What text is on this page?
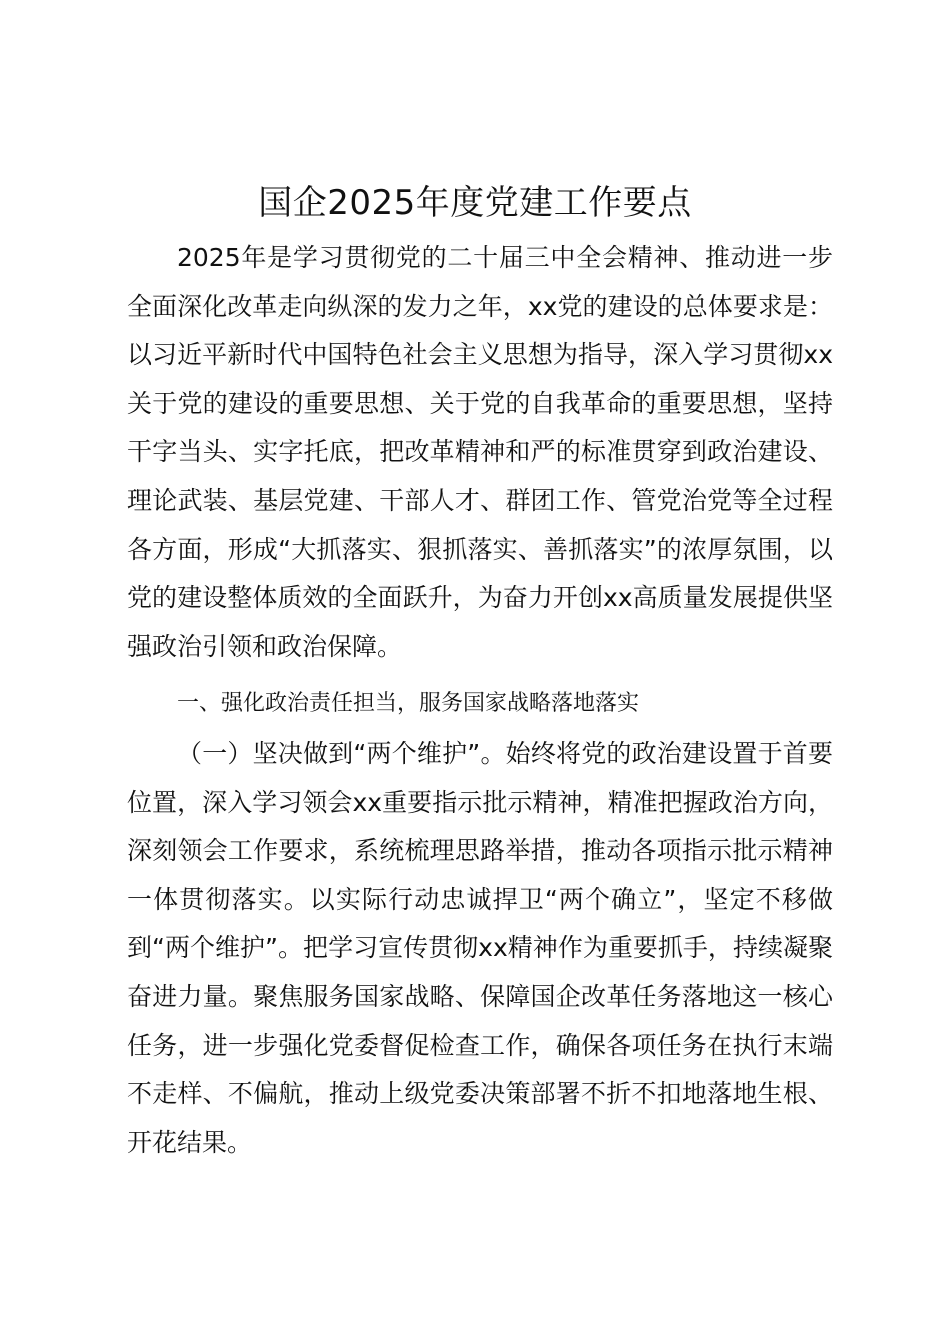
国企2025年度党建工作要点

2025年是学习贯彻党的二十届三中全会精神、推动进一步全面深化改革走向纵深的发力之年，xx党的建设的总体要求是：以习近平新时代中国特色社会主义思想为指导，深入学习贯彻xx关于党的建设的重要思想、关于党的自我革命的重要思想，坚持干字当头、实字托底，把改革精神和严的标准贯穿到政治建设、理论武装、基层党建、干部人才、群团工作、管党治党等全过程各方面，形成“大抓落实、狠抓落实、善抓落实”的浓厚氛围，以党的建设整体质效的全面跃升，为奋力开创xx高质量发展提供坚强政治引领和政治保障。

一、强化政治责任担当，服务国家战略落地落实

（一）坚决做到“两个维护”。始终将党的政治建设置于首要位置，深入学习领会xx重要指示批示精神，精准把握政治方向，深刻领会工作要求，系统梳理思路举措，推动各项指示批示精神一体贯彻落实。以实际行动忠诚捍卫“两个确立”，坚定不移做到“两个维护”。把学习宣传贯彻xx精神作为重要抓手，持续凝聚奋进力量。聚焦服务国家战略、保障国企改革任务落地这一核心任务，进一步强化党委督促检查工作，确保各项任务在执行末端不走样、不偏航，推动上级党委决策部署不折不扣地落地生根、开花结果。
